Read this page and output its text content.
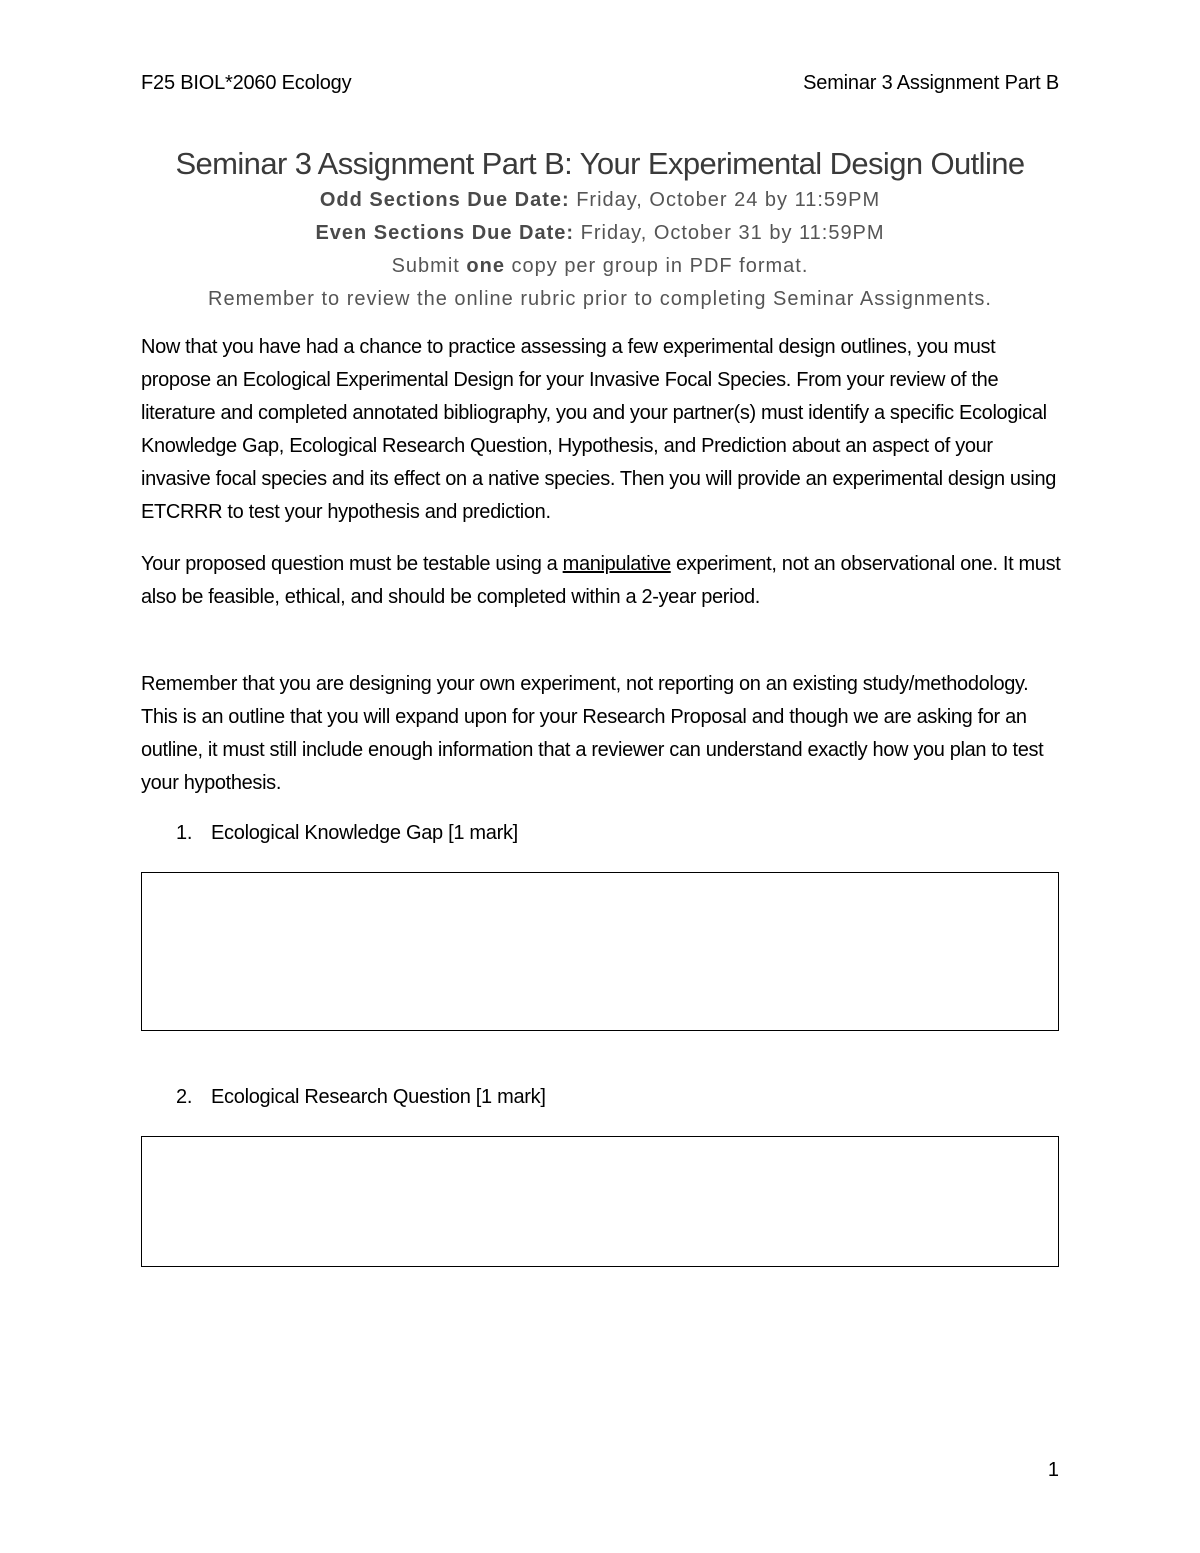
F25 BIOL*2060 Ecology	Seminar 3 Assignment Part B
Seminar 3 Assignment Part B: Your Experimental Design Outline
Odd Sections Due Date: Friday, October 24 by 11:59PM
Even Sections Due Date: Friday, October 31 by 11:59PM
Submit one copy per group in PDF format.
Remember to review the online rubric prior to completing Seminar Assignments.

Now that you have had a chance to practice assessing a few experimental design outlines, you must propose an Ecological Experimental Design for your Invasive Focal Species. From your review of the literature and completed annotated bibliography, you and your partner(s) must identify a specific Ecological Knowledge Gap, Ecological Research Question, Hypothesis, and Prediction about an aspect of your invasive focal species and its effect on a native species. Then you will provide an experimental design using ETCRRR to test your hypothesis and prediction.

Your proposed question must be testable using a manipulative experiment, not an observational one. It must also be feasible, ethical, and should be completed within a 2-year period.

Remember that you are designing your own experiment, not reporting on an existing study/methodology. This is an outline that you will expand upon for your Research Proposal and though we are asking for an outline, it must still include enough information that a reviewer can understand exactly how you plan to test your hypothesis.

1. Ecological Knowledge Gap [1 mark]
2. Ecological Research Question [1 mark]
1
